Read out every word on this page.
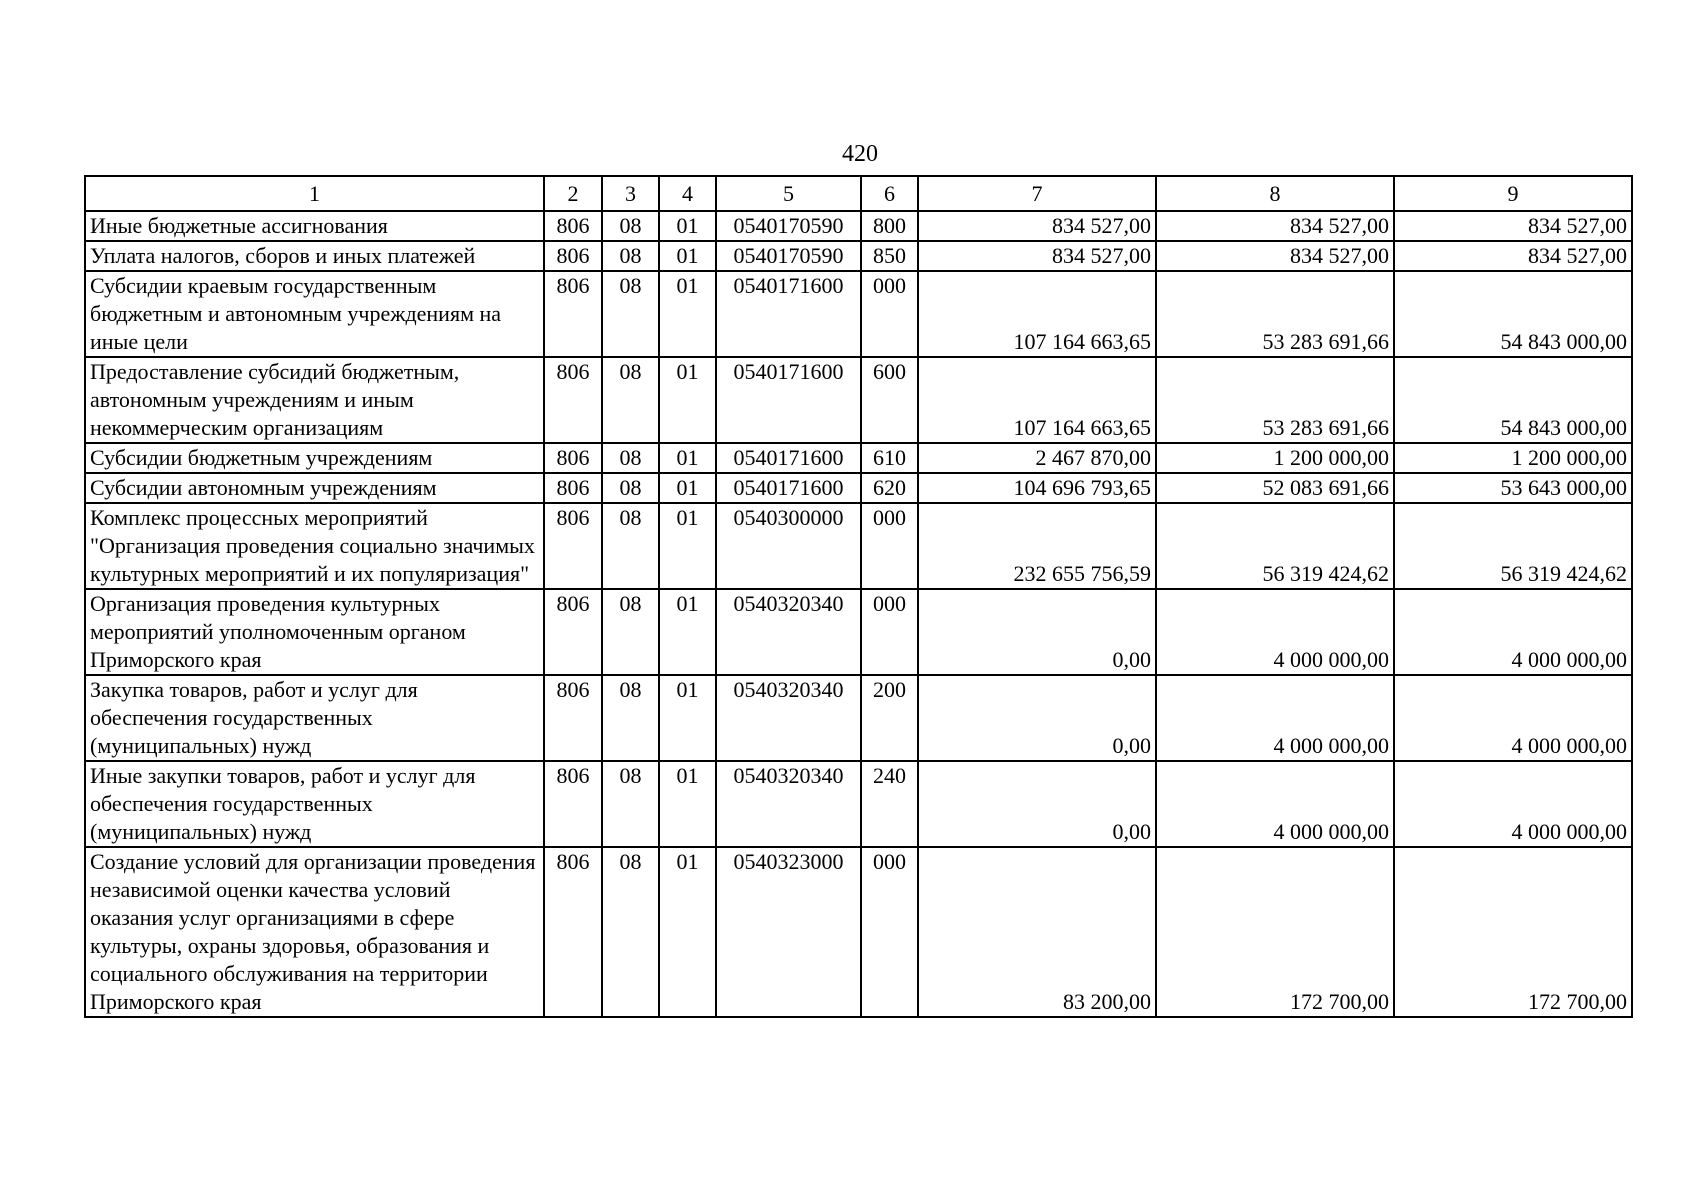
420
1	2	3	4	5	6	7	8	9
Иные бюджетные ассигнования	806	08	01	0540170590	800	834 527,00	834 527,00	834 527,00
Уплата налогов, сборов и иных платежей	806	08	01	0540170590	850	834 527,00	834 527,00	834 527,00
Субсидии краевым государственным бюджетным и автономным учреждениям на иные цели	806	08	01	0540171600	000	107 164 663,65	53 283 691,66	54 843 000,00
Предоставление субсидий бюджетным, автономным учреждениям и иным некоммерческим организациям	806	08	01	0540171600	600	107 164 663,65	53 283 691,66	54 843 000,00
Субсидии бюджетным учреждениям	806	08	01	0540171600	610	2 467 870,00	1 200 000,00	1 200 000,00
Субсидии автономным учреждениям	806	08	01	0540171600	620	104 696 793,65	52 083 691,66	53 643 000,00
Комплекс процессных мероприятий "Организация проведения социально значимых культурных мероприятий и их популяризация"	806	08	01	0540300000	000	232 655 756,59	56 319 424,62	56 319 424,62
Организация проведения культурных мероприятий уполномоченным органом Приморского края	806	08	01	0540320340	000	0,00	4 000 000,00	4 000 000,00
Закупка товаров, работ и услуг для обеспечения государственных (муниципальных) нужд	806	08	01	0540320340	200	0,00	4 000 000,00	4 000 000,00
Иные закупки товаров, работ и услуг для обеспечения государственных (муниципальных) нужд	806	08	01	0540320340	240	0,00	4 000 000,00	4 000 000,00
Создание условий для организации проведения независимой оценки качества условий оказания услуг организациями в сфере культуры, охраны здоровья, образования и социального обслуживания на территории Приморского края	806	08	01	0540323000	000	83 200,00	172 700,00	172 700,00
